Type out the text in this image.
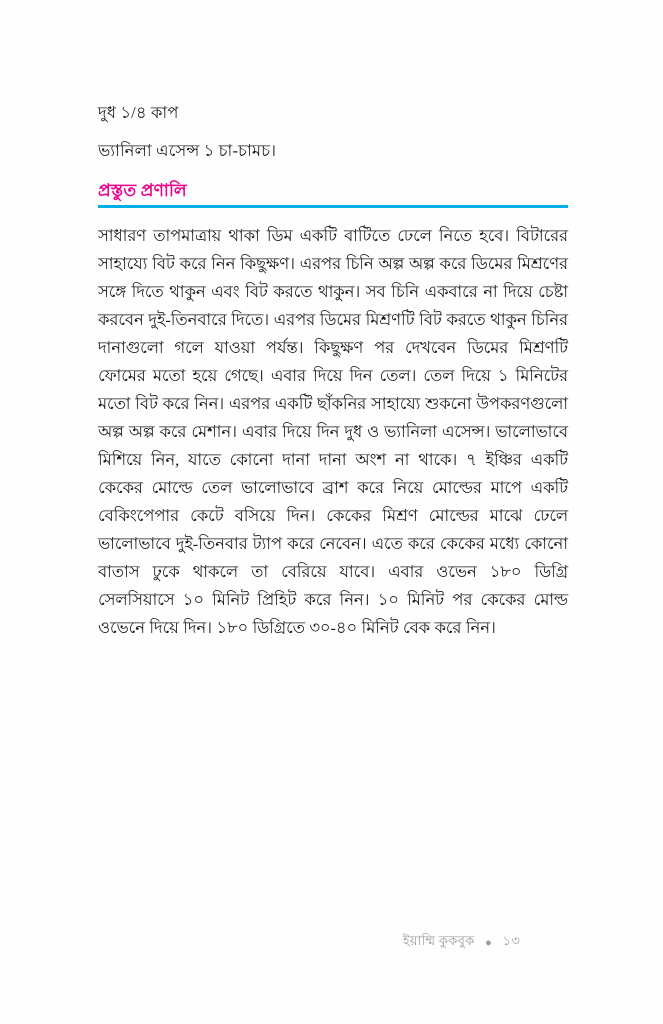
দুধ ১/৪ কাপ
ভ্যানিলা এসেন্স ১ চা-চামচ।
প্রস্তুত প্রণালি

সাধারণ তাপমাত্রায় থাকা ডিম একটি বাটিতে ঢেলে নিতে হবে। বিটারের সাহায্যে বিট করে নিন কিছুক্ষণ। এরপর চিনি অল্প অল্প করে ডিমের মিশ্রণের সঙ্গে দিতে থাকুন এবং বিট করতে থাকুন। সব চিনি একবারে না দিয়ে চেষ্টা করবেন দুই-তিনবারে দিতে। এরপর ডিমের মিশ্রণটি বিট করতে থাকুন চিনির দানাগুলো গলে যাওয়া পর্যন্ত। কিছুক্ষণ পর দেখবেন ডিমের মিশ্রণটি ফোমের মতো হয়ে গেছে। এবার দিয়ে দিন তেল। তেল দিয়ে ১ মিনিটের মতো বিট করে নিন। এরপর একটি ছাঁকনির সাহায্যে শুকনো উপকরণগুলো অল্প অল্প করে মেশান। এবার দিয়ে দিন দুধ ও ভ্যানিলা এসেন্স। ভালোভাবে মিশিয়ে নিন, যাতে কোনো দানা দানা অংশ না থাকে। ৭ ইঞ্চির একটি কেকের মোল্ডে তেল ভালোভাবে ব্রাশ করে নিয়ে মোল্ডের মাপে একটি বেকিংপেপার কেটে বসিয়ে দিন। কেকের মিশ্রণ মোল্ডের মাঝে ঢেলে ভালোভাবে দুই-তিনবার ট্যাপ করে নেবেন। এতে করে কেকের মধ্যে কোনো বাতাস ঢুকে থাকলে তা বেরিয়ে যাবে। এবার ওভেন ১৮০ ডিগ্রি সেলসিয়াসে ১০ মিনিট প্রিহিট করে নিন। ১০ মিনিট পর কেকের মোল্ড ওভেনে দিয়ে দিন। ১৮০ ডিগ্রিতে ৩০-৪০ মিনিট বেক করে নিন।

ইয়াম্মি কুকবুক ● ১৩
